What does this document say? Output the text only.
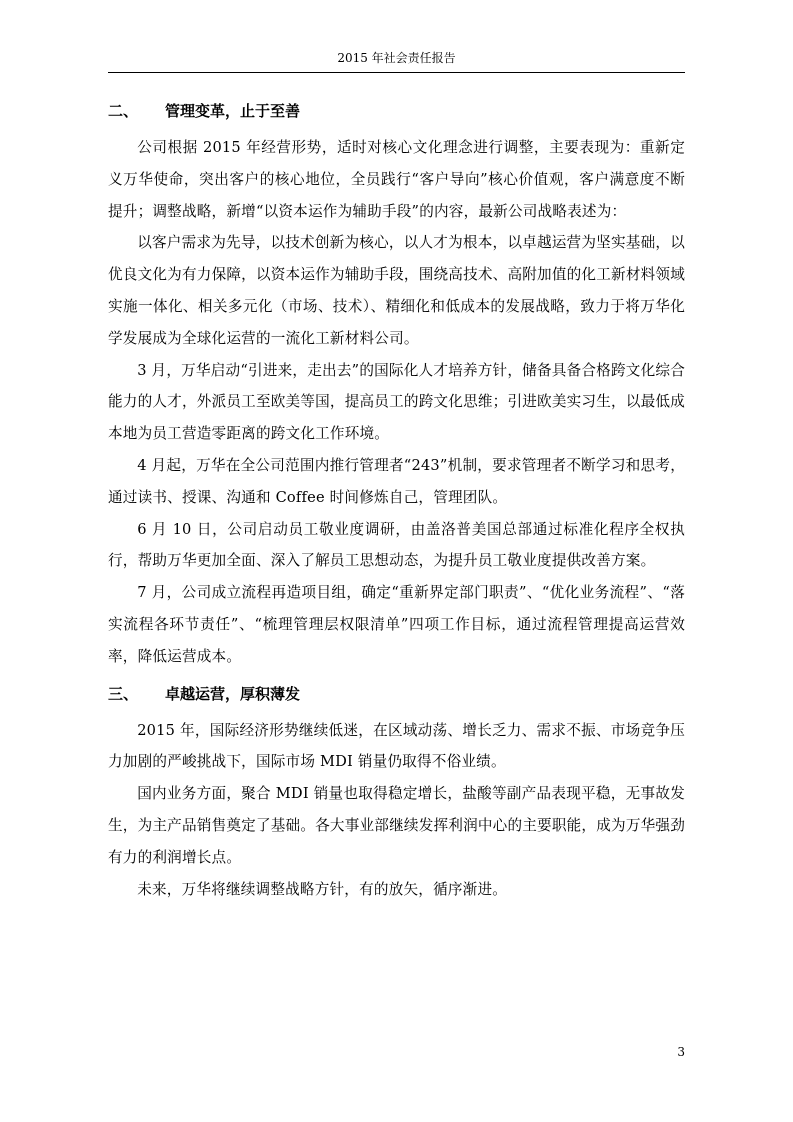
2015 年社会责任报告
二、 管理变革，止于至善

公司根据 2015 年经营形势，适时对核心文化理念进行调整，主要表现为：重新定义万华使命，突出客户的核心地位，全员践行“客户导向”核心价值观，客户满意度不断提升；调整战略，新增“以资本运作为辅助手段”的内容，最新公司战略表述为：

以客户需求为先导，以技术创新为核心，以人才为根本，以卓越运营为坚实基础，以优良文化为有力保障，以资本运作为辅助手段，围绕高技术、高附加值的化工新材料领域实施一体化、相关多元化（市场、技术）、精细化和低成本的发展战略，致力于将万华化学发展成为全球化运营的一流化工新材料公司。

3 月，万华启动“引进来，走出去”的国际化人才培养方针，储备具备合格跨文化综合能力的人才，外派员工至欧美等国，提高员工的跨文化思维；引进欧美实习生，以最低成本地为员工营造零距离的跨文化工作环境。

4 月起，万华在全公司范围内推行管理者“243”机制，要求管理者不断学习和思考，通过读书、授课、沟通和 Coffee 时间修炼自己，管理团队。

6 月 10 日，公司启动员工敬业度调研，由盖洛普美国总部通过标准化程序全权执行，帮助万华更加全面、深入了解员工思想动态，为提升员工敬业度提供改善方案。

7 月，公司成立流程再造项目组，确定“重新界定部门职责”、“优化业务流程”、“落实流程各环节责任”、“梳理管理层权限清单”四项工作目标，通过流程管理提高运营效率，降低运营成本。

三、 卓越运营，厚积薄发

2015 年，国际经济形势继续低迷，在区域动荡、增长乏力、需求不振、市场竞争压力加剧的严峻挑战下，国际市场 MDI 销量仍取得不俗业绩。

国内业务方面，聚合 MDI 销量也取得稳定增长，盐酸等副产品表现平稳，无事故发生，为主产品销售奠定了基础。各大事业部继续发挥利润中心的主要职能，成为万华强劲有力的利润增长点。

未来，万华将继续调整战略方针，有的放矢，循序渐进。

3
